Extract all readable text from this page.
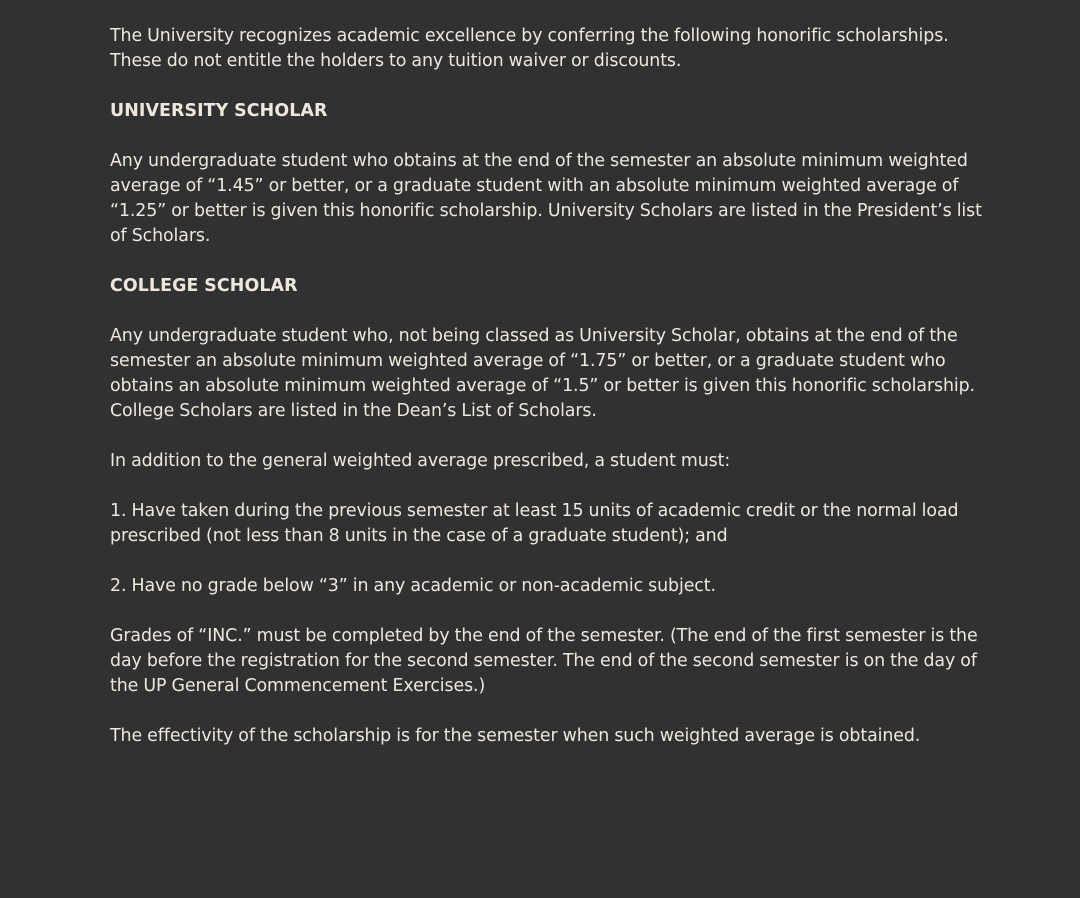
The University recognizes academic excellence by conferring the following honorific scholarships. These do not entitle the holders to any tuition waiver or discounts.

UNIVERSITY SCHOLAR

Any undergraduate student who obtains at the end of the semester an absolute minimum weighted average of “1.45” or better, or a graduate student with an absolute minimum weighted average of “1.25” or better is given this honorific scholarship. University Scholars are listed in the President’s list of Scholars.

COLLEGE SCHOLAR

Any undergraduate student who, not being classed as University Scholar, obtains at the end of the semester an absolute minimum weighted average of “1.75” or better, or a graduate student who obtains an absolute minimum weighted average of “1.5” or better is given this honorific scholarship. College Scholars are listed in the Dean’s List of Scholars.

In addition to the general weighted average prescribed, a student must:

1. Have taken during the previous semester at least 15 units of academic credit or the normal load prescribed (not less than 8 units in the case of a graduate student); and

2. Have no grade below “3” in any academic or non-academic subject.

Grades of “INC.” must be completed by the end of the semester. (The end of the first semester is the day before the registration for the second semester. The end of the second semester is on the day of the UP General Commencement Exercises.)

The effectivity of the scholarship is for the semester when such weighted average is obtained.
